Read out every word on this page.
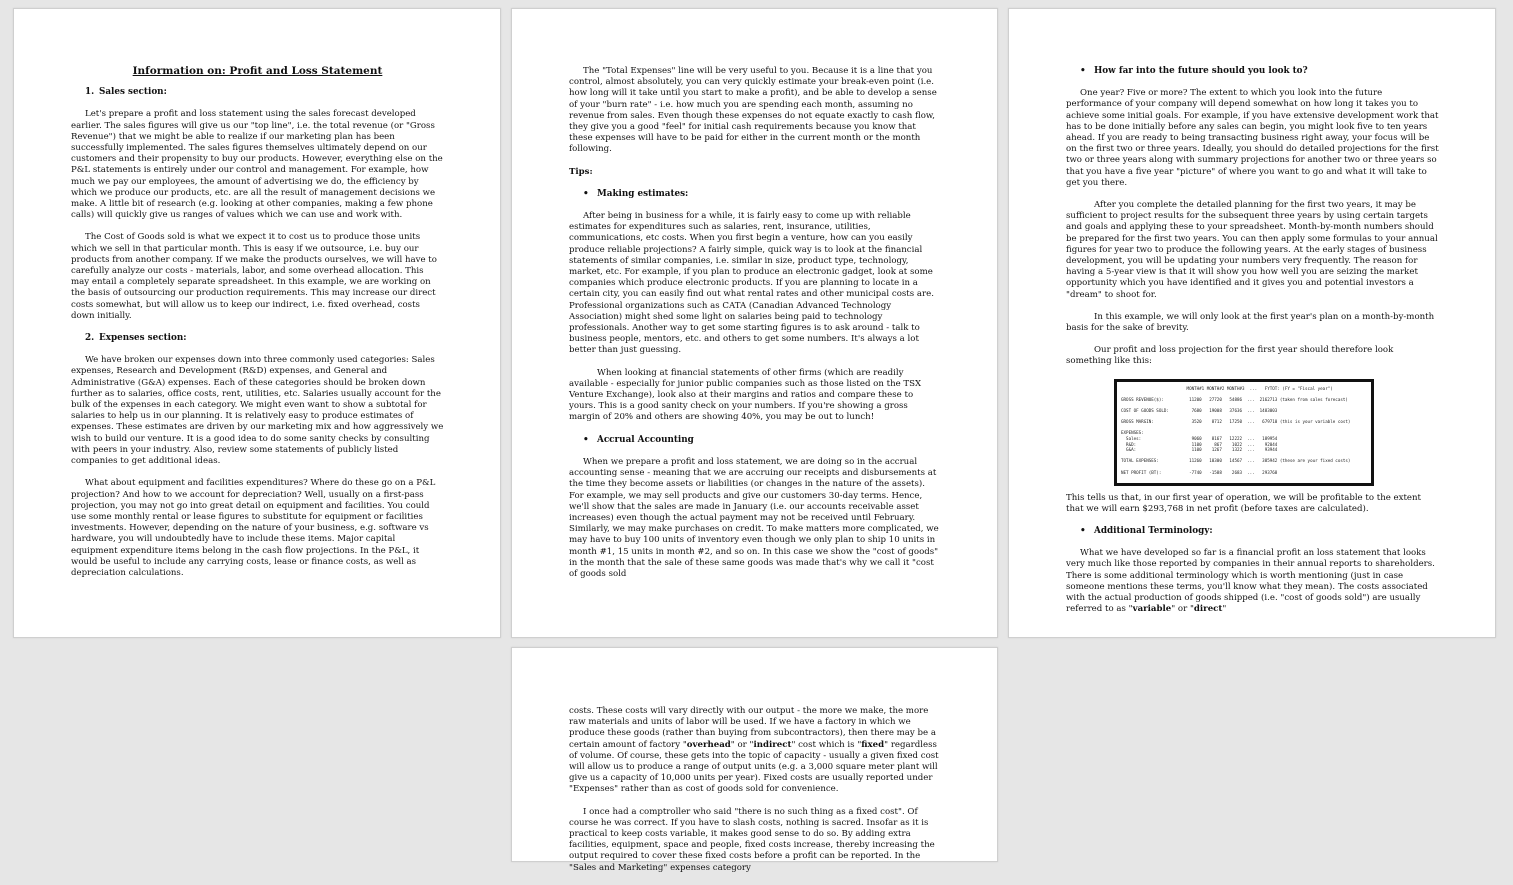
Information on: Profit and Loss Statement
1. Sales section:

Let's prepare a profit and loss statement using the sales forecast developed earlier. The sales figures will give us our "top line", i.e. the total revenue (or "Gross Revenue") that we might be able to realize if our marketing plan has been successfully implemented. The sales figures themselves ultimately depend on our customers and their propensity to buy our products. However, everything else on the P&L statements is entirely under our control and management. For example, how much we pay our employees, the amount of advertising we do, the efficiency by which we produce our products, etc. are all the result of management decisions we make. A little bit of research (e.g. looking at other companies, making a few phone calls) will quickly give us ranges of values which we can use and work with.

The Cost of Goods sold is what we expect it to cost us to produce those units which we sell in that particular month. This is easy if we outsource, i.e. buy our products from another company. If we make the products ourselves, we will have to carefully analyze our costs - materials, labor, and some overhead allocation. This may entail a completely separate spreadsheet. In this example, we are working on the basis of outsourcing our production requirements. This may increase our direct costs somewhat, but will allow us to keep our indirect, i.e. fixed overhead, costs down initially.

2. Expenses section:

We have broken our expenses down into three commonly used categories: Sales expenses, Research and Development (R&D) expenses, and General and Administrative (G&A) expenses. Each of these categories should be broken down further as to salaries, office costs, rent, utilities, etc. Salaries usually account for the bulk of the expenses in each category. We might even want to show a subtotal for salaries to help us in our planning. It is relatively easy to produce estimates of expenses. These estimates are driven by our marketing mix and how aggressively we wish to build our venture. It is a good idea to do some sanity checks by consulting with peers in your industry. Also, review some statements of publicly listed companies to get additional ideas.

What about equipment and facilities expenditures? Where do these go on a P&L projection? And how to we account for depreciation? Well, usually on a first-pass projection, you may not go into great detail on equipment and facilities. You could use some monthly rental or lease figures to substitute for equipment or facilities investments. However, depending on the nature of your business, e.g. software vs hardware, you will undoubtedly have to include these items. Major capital equipment expenditure items belong in the cash flow projections. In the P&L, it would be useful to include any carrying costs, lease or finance costs, as well as depreciation calculations.

The "Total Expenses" line will be very useful to you. Because it is a line that you control, almost absolutely, you can very quickly estimate your break-even point (i.e. how long will it take until you start to make a profit), and be able to develop a sense of your "burn rate" - i.e. how much you are spending each month, assuming no revenue from sales. Even though these expenses do not equate exactly to cash flow, they give you a good "feel" for initial cash requirements because you know that these expenses will have to be paid for either in the current month or the month following.

Tips:
• Making estimates:

After being in business for a while, it is fairly easy to come up with reliable estimates for expenditures such as salaries, rent, insurance, utilities, communications, etc costs. When you first begin a venture, how can you easily produce reliable projections? A fairly simple, quick way is to look at the financial statements of similar companies, i.e. similar in size, product type, technology, market, etc. For example, if you plan to produce an electronic gadget, look at some companies which produce electronic products. If you are planning to locate in a certain city, you can easily find out what rental rates and other municipal costs are. Professional organizations such as CATA (Canadian Advanced Technology Association) might shed some light on salaries being paid to technology professionals. Another way to get some starting figures is to ask around - talk to business people, mentors, etc. and others to get some numbers. It's always a lot better than just guessing.

When looking at financial statements of other firms (which are readily available - especially for junior public companies such as those listed on the TSX Venture Exchange), look also at their margins and ratios and compare these to yours. This is a good sanity check on your numbers. If you're showing a gross margin of 20% and others are showing 40%, you may be out to lunch!

• Accrual Accounting

When we prepare a profit and loss statement, we are doing so in the accrual accounting sense - meaning that we are accruing our receipts and disbursements at the time they become assets or liabilities (or changes in the nature of the assets). For example, we may sell products and give our customers 30-day terms. Hence, we'll show that the sales are made in January (i.e. our accounts receivable asset increases) even though the actual payment may not be received until February. Similarly, we may make purchases on credit. To make matters more complicated, we may have to buy 100 units of inventory even though we only plan to ship 10 units in month #1, 15 units in month #2, and so on. In this case we show the "cost of goods" in the month that the sale of these same goods was made that's why we call it "cost of goods sold

• How far into the future should you look to?

One year? Five or more? The extent to which you look into the future performance of your company will depend somewhat on how long it takes you to achieve some initial goals. For example, if you have extensive development work that has to be done initially before any sales can begin, you might look five to ten years ahead. If you are ready to being transacting business right away, your focus will be on the first two or three years. Ideally, you should do detailed projections for the first two or three years along with summary projections for another two or three years so that you have a five year "picture" of where you want to go and what it will take to get you there.

After you complete the detailed planning for the first two years, it may be sufficient to project results for the subsequent three years by using certain targets and goals and applying these to your spreadsheet. Month-by-month numbers should be prepared for the first two years. You can then apply some formulas to your annual figures for year two to produce the following years. At the early stages of business development, you will be updating your numbers very frequently. The reason for having a 5-year view is that it will show you how well you are seizing the market opportunity which you have identified and it gives you and potential investors a "dream" to shoot for.

In this example, we will only look at the first year's plan on a month-by-month basis for the sake of brevity.

Our profit and loss projection for the first year should therefore look something like this:

MONTH#1 MONTH#2 MONTH#3  ...   FYTOT: (FY = "Fiscal year")
GROSS REVENUE($):          11200   27720   54886  ...  2162713 (taken from sales forecast)
COST OF GOODS SOLD:         7680   19008   37636  ...  1483003
GROSS MARGIN:               3520    8712   17250  ...   679710 (this is your variable cost)
EXPENSES:
Sales:                    9060    8167   12222  ...   189954
R&D:                      1100     867    1022  ...    92044
G&A:                      1100    1267    1322  ...    93944
TOTAL EXPENSES:            11260   10300   14567  ...   385942 (these are your fixed costs)
NET PROFIT (BT):           -7740   -1588    2683  ...   293768

This tells us that, in our first year of operation, we will be profitable to the extent that we will earn $293,768 in net profit (before taxes are calculated).

• Additional Terminology:

What we have developed so far is a financial profit an loss statement that looks very much like those reported by companies in their annual reports to shareholders. There is some additional terminology which is worth mentioning (just in case someone mentions these terms, you'll know what they mean). The costs associated with the actual production of goods shipped (i.e. "cost of goods sold") are usually referred to as "variable" or "direct"

costs. These costs will vary directly with our output - the more we make, the more raw materials and units of labor will be used. If we have a factory in which we produce these goods (rather than buying from subcontractors), then there may be a certain amount of factory "overhead" or "indirect" cost which is "fixed" regardless of volume. Of course, these gets into the topic of capacity - usually a given fixed cost will allow us to produce a range of output units (e.g. a 3,000 square meter plant will give us a capacity of 10,000 units per year). Fixed costs are usually reported under "Expenses" rather than as cost of goods sold for convenience.

I once had a comptroller who said "there is no such thing as a fixed cost". Of course he was correct. If you have to slash costs, nothing is sacred. Insofar as it is practical to keep costs variable, it makes good sense to do so. By adding extra facilities, equipment, space and people, fixed costs increase, thereby increasing the output required to cover these fixed costs before a profit can be reported. In the "Sales and Marketing" expenses category
